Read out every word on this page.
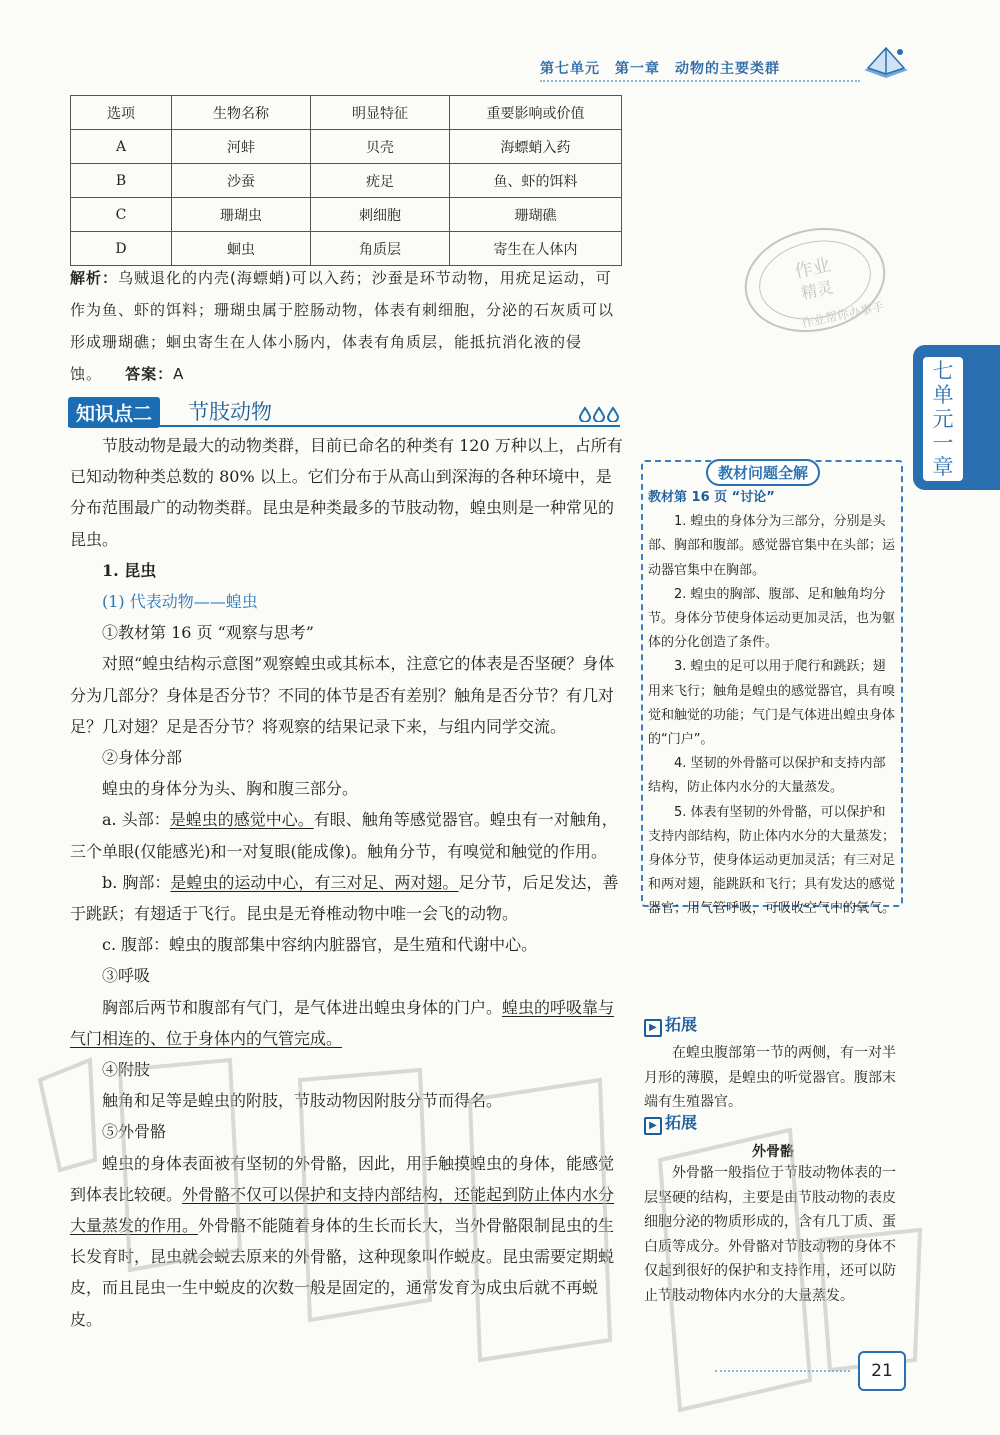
第七单元　第一章　动物的主要类群
选项	生物名称	明显特征	重要影响或价值
A	河蚌	贝壳	海螵蛸入药
B	沙蚕	疣足	鱼、虾的饵料
C	珊瑚虫	刺细胞	珊瑚礁
D	蛔虫	角质层	寄生在人体内
解析：乌贼退化的内壳(海螵蛸)可以入药；沙蚕是环节动物，用疣足运动，可作为鱼、虾的饵料；珊瑚虫属于腔肠动物，体表有刺细胞，分泌的石灰质可以形成珊瑚礁；蛔虫寄生在人体小肠内，体表有角质层，能抵抗消化液的侵蚀。 答案：A
知识点二	节肢动物

节肢动物是最大的动物类群，目前已命名的种类有 120 万种以上，占所有已知动物种类总数的 80% 以上。它们分布于从高山到深海的各种环境中，是分布范围最广的动物类群。昆虫是种类最多的节肢动物，蝗虫则是一种常见的昆虫。

1. 昆虫

(1) 代表动物——蝗虫

①教材第 16 页 “观察与思考”

对照“蝗虫结构示意图”观察蝗虫或其标本，注意它的体表是否坚硬？身体分为几部分？身体是否分节？不同的体节是否有差别？触角是否分节？有几对足？几对翅？足是否分节？将观察的结果记录下来，与组内同学交流。

②身体分部

蝗虫的身体分为头、胸和腹三部分。

a. 头部：是蝗虫的感觉中心。有眼、触角等感觉器官。蝗虫有一对触角，三个单眼(仅能感光)和一对复眼(能成像)。触角分节，有嗅觉和触觉的作用。

b. 胸部：是蝗虫的运动中心，有三对足、两对翅。足分节，后足发达，善于跳跃；有翅适于飞行。昆虫是无脊椎动物中唯一会飞的动物。

c. 腹部：蝗虫的腹部集中容纳内脏器官，是生殖和代谢中心。

③呼吸

胸部后两节和腹部有气门，是气体进出蝗虫身体的门户。蝗虫的呼吸靠与气门相连的、位于身体内的气管完成。

④附肢

触角和足等是蝗虫的附肢，节肢动物因附肢分节而得名。

⑤外骨骼

蝗虫的身体表面被有坚韧的外骨骼，因此，用手触摸蝗虫的身体，能感觉到体表比较硬。外骨骼不仅可以保护和支持内部结构，还能起到防止体内水分大量蒸发的作用。外骨骼不能随着身体的生长而长大，当外骨骼限制昆虫的生长发育时，昆虫就会蜕去原来的外骨骼，这种现象叫作蜕皮。昆虫需要定期蜕皮，而且昆虫一生中蜕皮的次数一般是固定的，通常发育为成虫后就不再蜕皮。

七单元一章
作业
精灵
作业帮你办事手
教材问题全解

教材第 16 页 “讨论”

1. 蝗虫的身体分为三部分，分别是头部、胸部和腹部。感觉器官集中在头部；运动器官集中在胸部。

2. 蝗虫的胸部、腹部、足和触角均分节。身体分节使身体运动更加灵活，也为躯体的分化创造了条件。

3. 蝗虫的足可以用于爬行和跳跃；翅用来飞行；触角是蝗虫的感觉器官，具有嗅觉和触觉的功能；气门是气体进出蝗虫身体的“门户”。

4. 坚韧的外骨骼可以保护和支持内部结构，防止体内水分的大量蒸发。

5. 体表有坚韧的外骨骼，可以保护和支持内部结构，防止体内水分的大量蒸发；身体分节，使身体运动更加灵活；有三对足和两对翅，能跳跃和飞行；具有发达的感觉器官；用气管呼吸，可吸收空气中的氧气。

▶ 拓展

在蝗虫腹部第一节的两侧，有一对半月形的薄膜，是蝗虫的听觉器官。腹部末端有生殖器官。

▶ 拓展
外骨骼

外骨骼一般指位于节肢动物体表的一层坚硬的结构，主要是由节肢动物的表皮细胞分泌的物质形成的，含有几丁质、蛋白质等成分。外骨骼对节肢动物的身体不仅起到很好的保护和支持作用，还可以防止节肢动物体内水分的大量蒸发。

21
